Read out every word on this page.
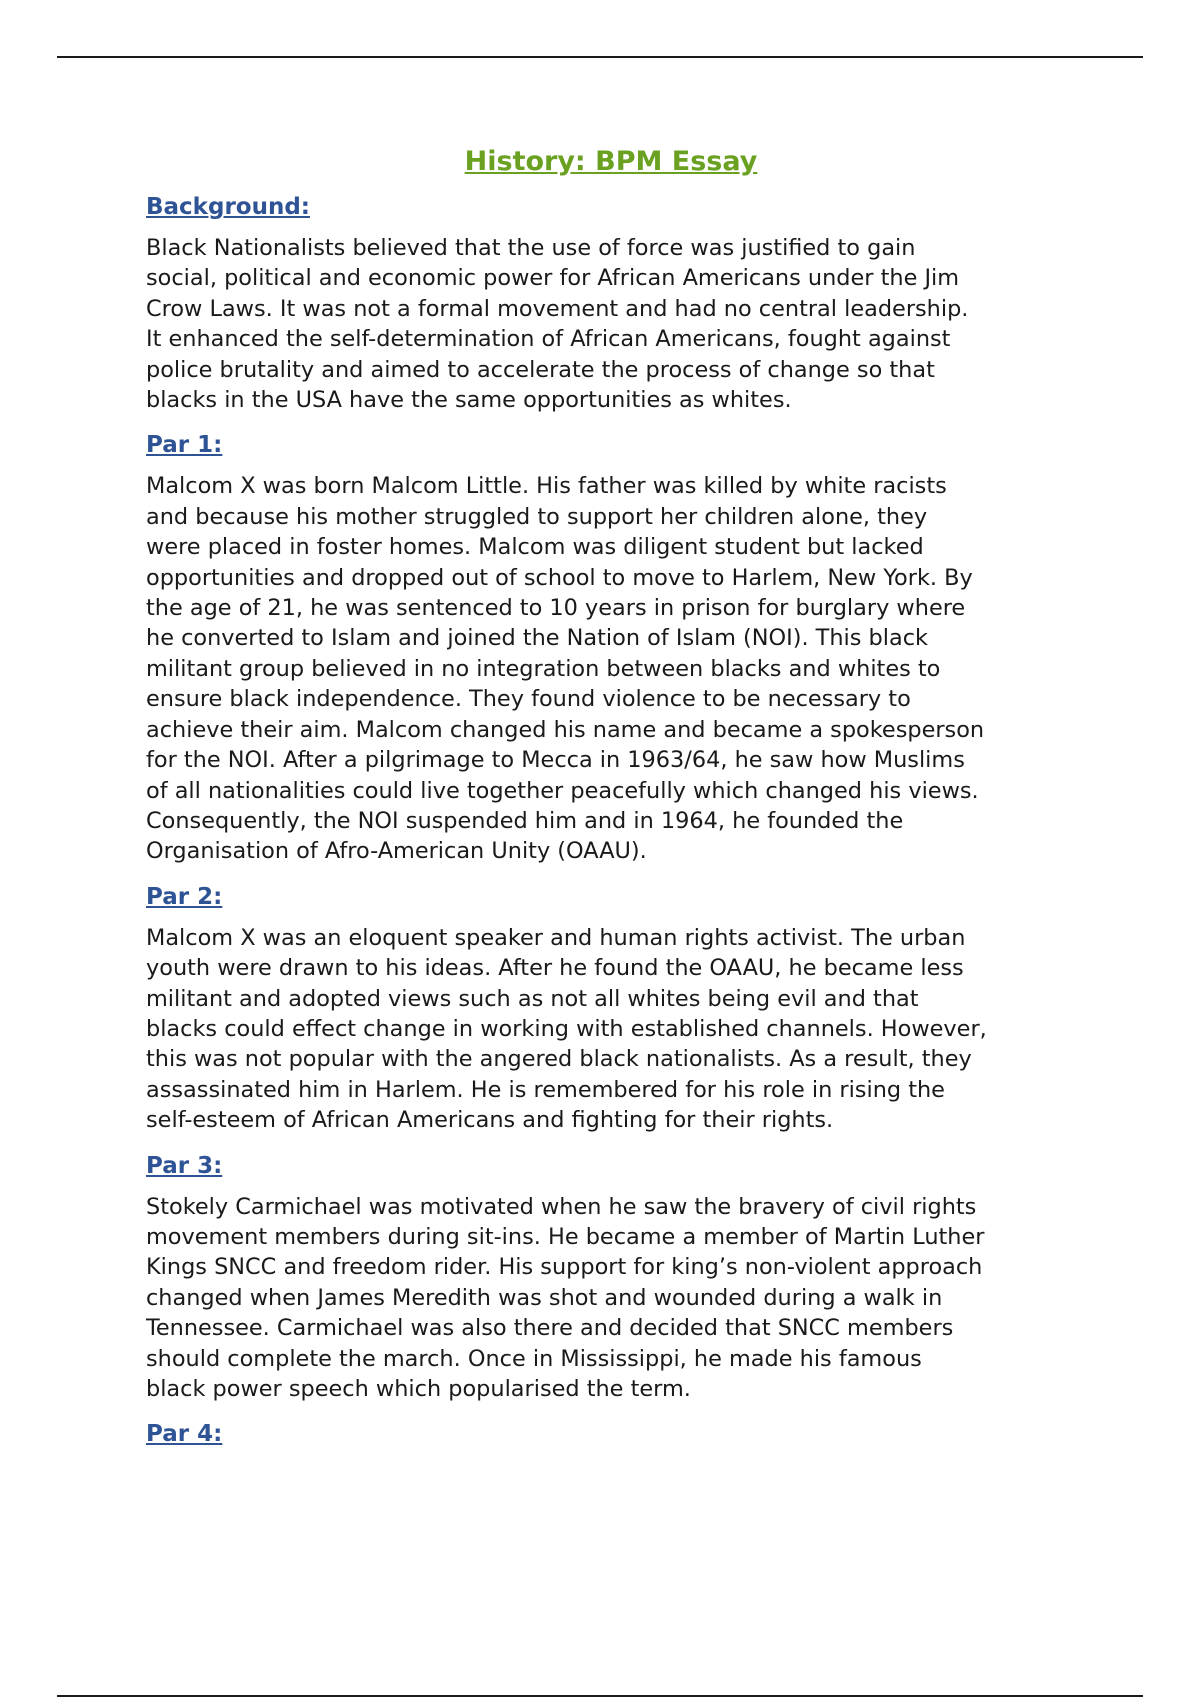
History: BPM Essay
Background:

Black Nationalists believed that the use of force was justified to gain
social, political and economic power for African Americans under the Jim
Crow Laws. It was not a formal movement and had no central leadership.
It enhanced the self-determination of African Americans, fought against
police brutality and aimed to accelerate the process of change so that
blacks in the USA have the same opportunities as whites.

Par 1:

Malcom X was born Malcom Little. His father was killed by white racists
and because his mother struggled to support her children alone, they
were placed in foster homes. Malcom was diligent student but lacked
opportunities and dropped out of school to move to Harlem, New York. By
the age of 21, he was sentenced to 10 years in prison for burglary where
he converted to Islam and joined the Nation of Islam (NOI). This black
militant group believed in no integration between blacks and whites to
ensure black independence. They found violence to be necessary to
achieve their aim. Malcom changed his name and became a spokesperson
for the NOI. After a pilgrimage to Mecca in 1963/64, he saw how Muslims
of all nationalities could live together peacefully which changed his views.
Consequently, the NOI suspended him and in 1964, he founded the
Organisation of Afro-American Unity (OAAU).

Par 2:

Malcom X was an eloquent speaker and human rights activist. The urban
youth were drawn to his ideas. After he found the OAAU, he became less
militant and adopted views such as not all whites being evil and that
blacks could effect change in working with established channels. However,
this was not popular with the angered black nationalists. As a result, they
assassinated him in Harlem. He is remembered for his role in rising the
self-esteem of African Americans and fighting for their rights.

Par 3:

Stokely Carmichael was motivated when he saw the bravery of civil rights
movement members during sit-ins. He became a member of Martin Luther
Kings SNCC and freedom rider. His support for king’s non-violent approach
changed when James Meredith was shot and wounded during a walk in
Tennessee. Carmichael was also there and decided that SNCC members
should complete the march. Once in Mississippi, he made his famous
black power speech which popularised the term.

Par 4:
